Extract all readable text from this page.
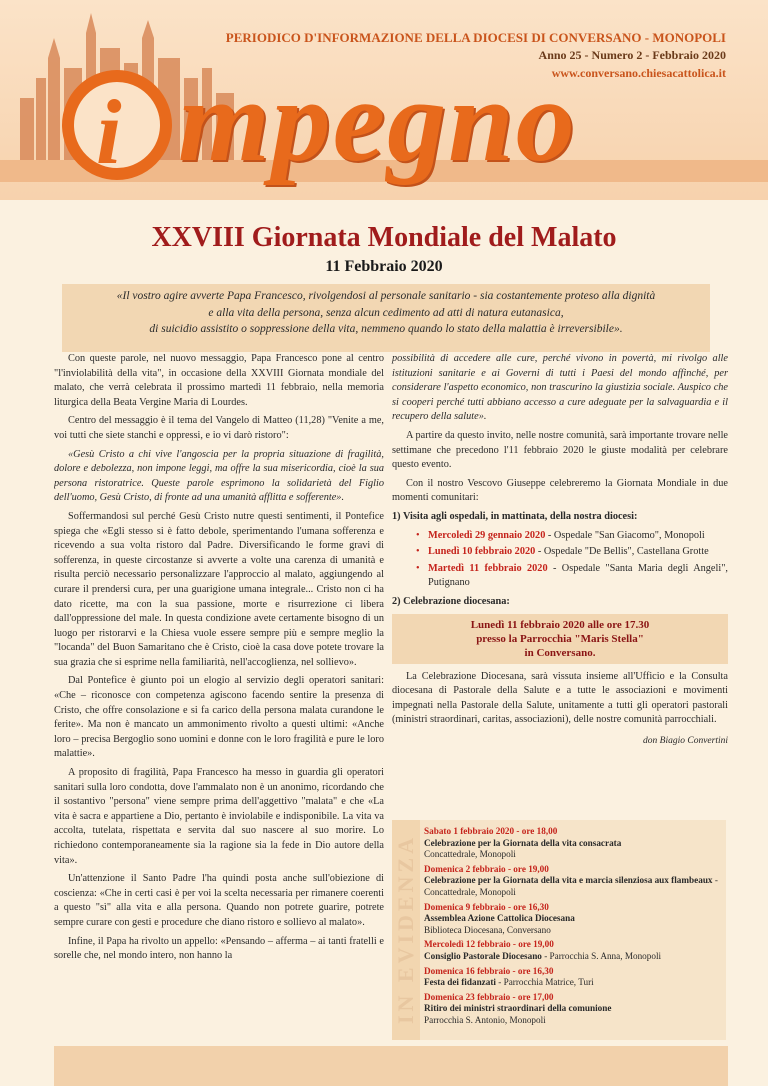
i mpegno
PERIODICO D'INFORMAZIONE DELLA DIOCESI DI CONVERSANO - MONOPOLI
Anno 25 - Numero 2 - Febbraio 2020
www.conversano.chiesacattolica.it
XXVIII Giornata Mondiale del Malato
11 Febbraio 2020
«Il vostro agire avverte Papa Francesco, rivolgendosi al personale sanitario - sia costantemente proteso alla dignità
e alla vita della persona, senza alcun cedimento ad atti di natura eutanasica,
di suicidio assistito o soppressione della vita, nemmeno quando lo stato della malattia è irreversibile».

Con queste parole, nel nuovo messaggio, Papa Francesco pone al centro "l'inviolabilità della vita", in occasione della XXVIII Giornata mondiale del malato, che verrà celebrata il prossimo martedì 11 febbraio, nella memoria liturgica della Beata Vergine Maria di Lourdes.

Centro del messaggio è il tema del Vangelo di Matteo (11,28) "Venite a me, voi tutti che siete stanchi e oppressi, e io vi darò ristoro":

«Gesù Cristo a chi vive l'angoscia per la propria situazione di fragilità, dolore e debolezza, non impone leggi, ma offre la sua misericordia, cioè la sua persona ristoratrice. Queste parole esprimono la solidarietà del Figlio dell'uomo, Gesù Cristo, di fronte ad una umanità afflitta e sofferente».

Soffermandosi sul perché Gesù Cristo nutre questi sentimenti, il Pontefice spiega che «Egli stesso si è fatto debole, sperimentando l'umana sofferenza e ricevendo a sua volta ristoro dal Padre. Diversificando le forme gravi di sofferenza, in queste circostanze si avverte a volte una carenza di umanità e risulta perciò necessario personalizzare l'approccio al malato, aggiungendo al curare il prendersi cura, per una guarigione umana integrale... Cristo non ci ha dato ricette, ma con la sua passione, morte e risurrezione ci libera dall'oppressione del male. In questa condizione avete certamente bisogno di un luogo per ristorarvi e la Chiesa vuole essere sempre più e sempre meglio la "locanda" del Buon Samaritano che è Cristo, cioè la casa dove potete trovare la sua grazia che si esprime nella familiarità, nell'accoglienza, nel sollievo».

Dal Pontefice è giunto poi un elogio al servizio degli operatori sanitari: «Che – riconosce con competenza agiscono facendo sentire la presenza di Cristo, che offre consolazione e si fa carico della persona malata curandone le ferite». Ma non è mancato un ammonimento rivolto a questi ultimi: «Anche loro – precisa Bergoglio sono uomini e donne con le loro fragilità e pure le loro malattie».

A proposito di fragilità, Papa Francesco ha messo in guardia gli operatori sanitari sulla loro condotta, dove l'ammalato non è un anonimo, ricordando che il sostantivo "persona" viene sempre prima dell'aggettivo "malata" e che «La vita è sacra e appartiene a Dio, pertanto è inviolabile e indisponibile. La vita va accolta, tutelata, rispettata e servita dal suo nascere al suo morire. Lo richiedono contemporaneamente sia la ragione sia la fede in Dio autore della vita».

Un'attenzione il Santo Padre l'ha quindi posta anche sull'obiezione di coscienza: «Che in certi casi è per voi la scelta necessaria per rimanere coerenti a questo "sì" alla vita e alla persona. Quando non potrete guarire, potrete sempre curare con gesti e procedure che diano ristoro e sollievo al malato».

Infine, il Papa ha rivolto un appello: «Pensando – afferma – ai tanti fratelli e sorelle che, nel mondo intero, non hanno la

possibilità di accedere alle cure, perché vivono in povertà, mi rivolgo alle istituzioni sanitarie e ai Governi di tutti i Paesi del mondo affinché, per considerare l'aspetto economico, non trascurino la giustizia sociale. Auspico che si cooperi perché tutti abbiano accesso a cure adeguate per la salvaguardia e il recupero della salute».

A partire da questo invito, nelle nostre comunità, sarà importante trovare nelle settimane che precedono l'11 febbraio 2020 le giuste modalità per celebrare questo evento.

Con il nostro Vescovo Giuseppe celebreremo la Giornata Mondiale in due momenti comunitari:

1) Visita agli ospedali, in mattinata, della nostra diocesi:

• Mercoledì 29 gennaio 2020 - Ospedale "San Giacomo", Monopoli
• Lunedì 10 febbraio 2020 - Ospedale "De Bellis", Castellana Grotte
• Martedì 11 febbraio 2020 - Ospedale "Santa Maria degli Angeli", Putignano

2) Celebrazione diocesana:

Lunedì 11 febbraio 2020 alle ore 17.30
presso la Parrocchia "Maris Stella"
in Conversano.

La Celebrazione Diocesana, sarà vissuta insieme all'Ufficio e la Consulta diocesana di Pastorale della Salute e a tutte le associazioni e movimenti impegnati nella Pastorale della Salute, unitamente a tutti gli operatori pastorali (ministri straordinari, caritas, associazioni), delle nostre comunità parrocchiali.

don Biagio Convertini
IN EVIDENZA
Sabato 1 febbraio 2020 - ore 18,00
Celebrazione per la Giornata della vita consacrata
Concattedrale, Monopoli
Domenica 2 febbraio - ore 19,00
Celebrazione per la Giornata della vita e marcia silenziosa aux flambeaux - Concattedrale, Monopoli
Domenica 9 febbraio - ore 16,30
Assemblea Azione Cattolica Diocesana
Biblioteca Diocesana, Conversano
Mercoledì 12 febbraio - ore 19,00
Consiglio Pastorale Diocesano - Parrocchia S. Anna, Monopoli
Domenica 16 febbraio - ore 16,30
Festa dei fidanzati - Parrocchia Matrice, Turi
Domenica 23 febbraio - ore 17,00
Ritiro dei ministri straordinari della comunione
Parrocchia S. Antonio, Monopoli
